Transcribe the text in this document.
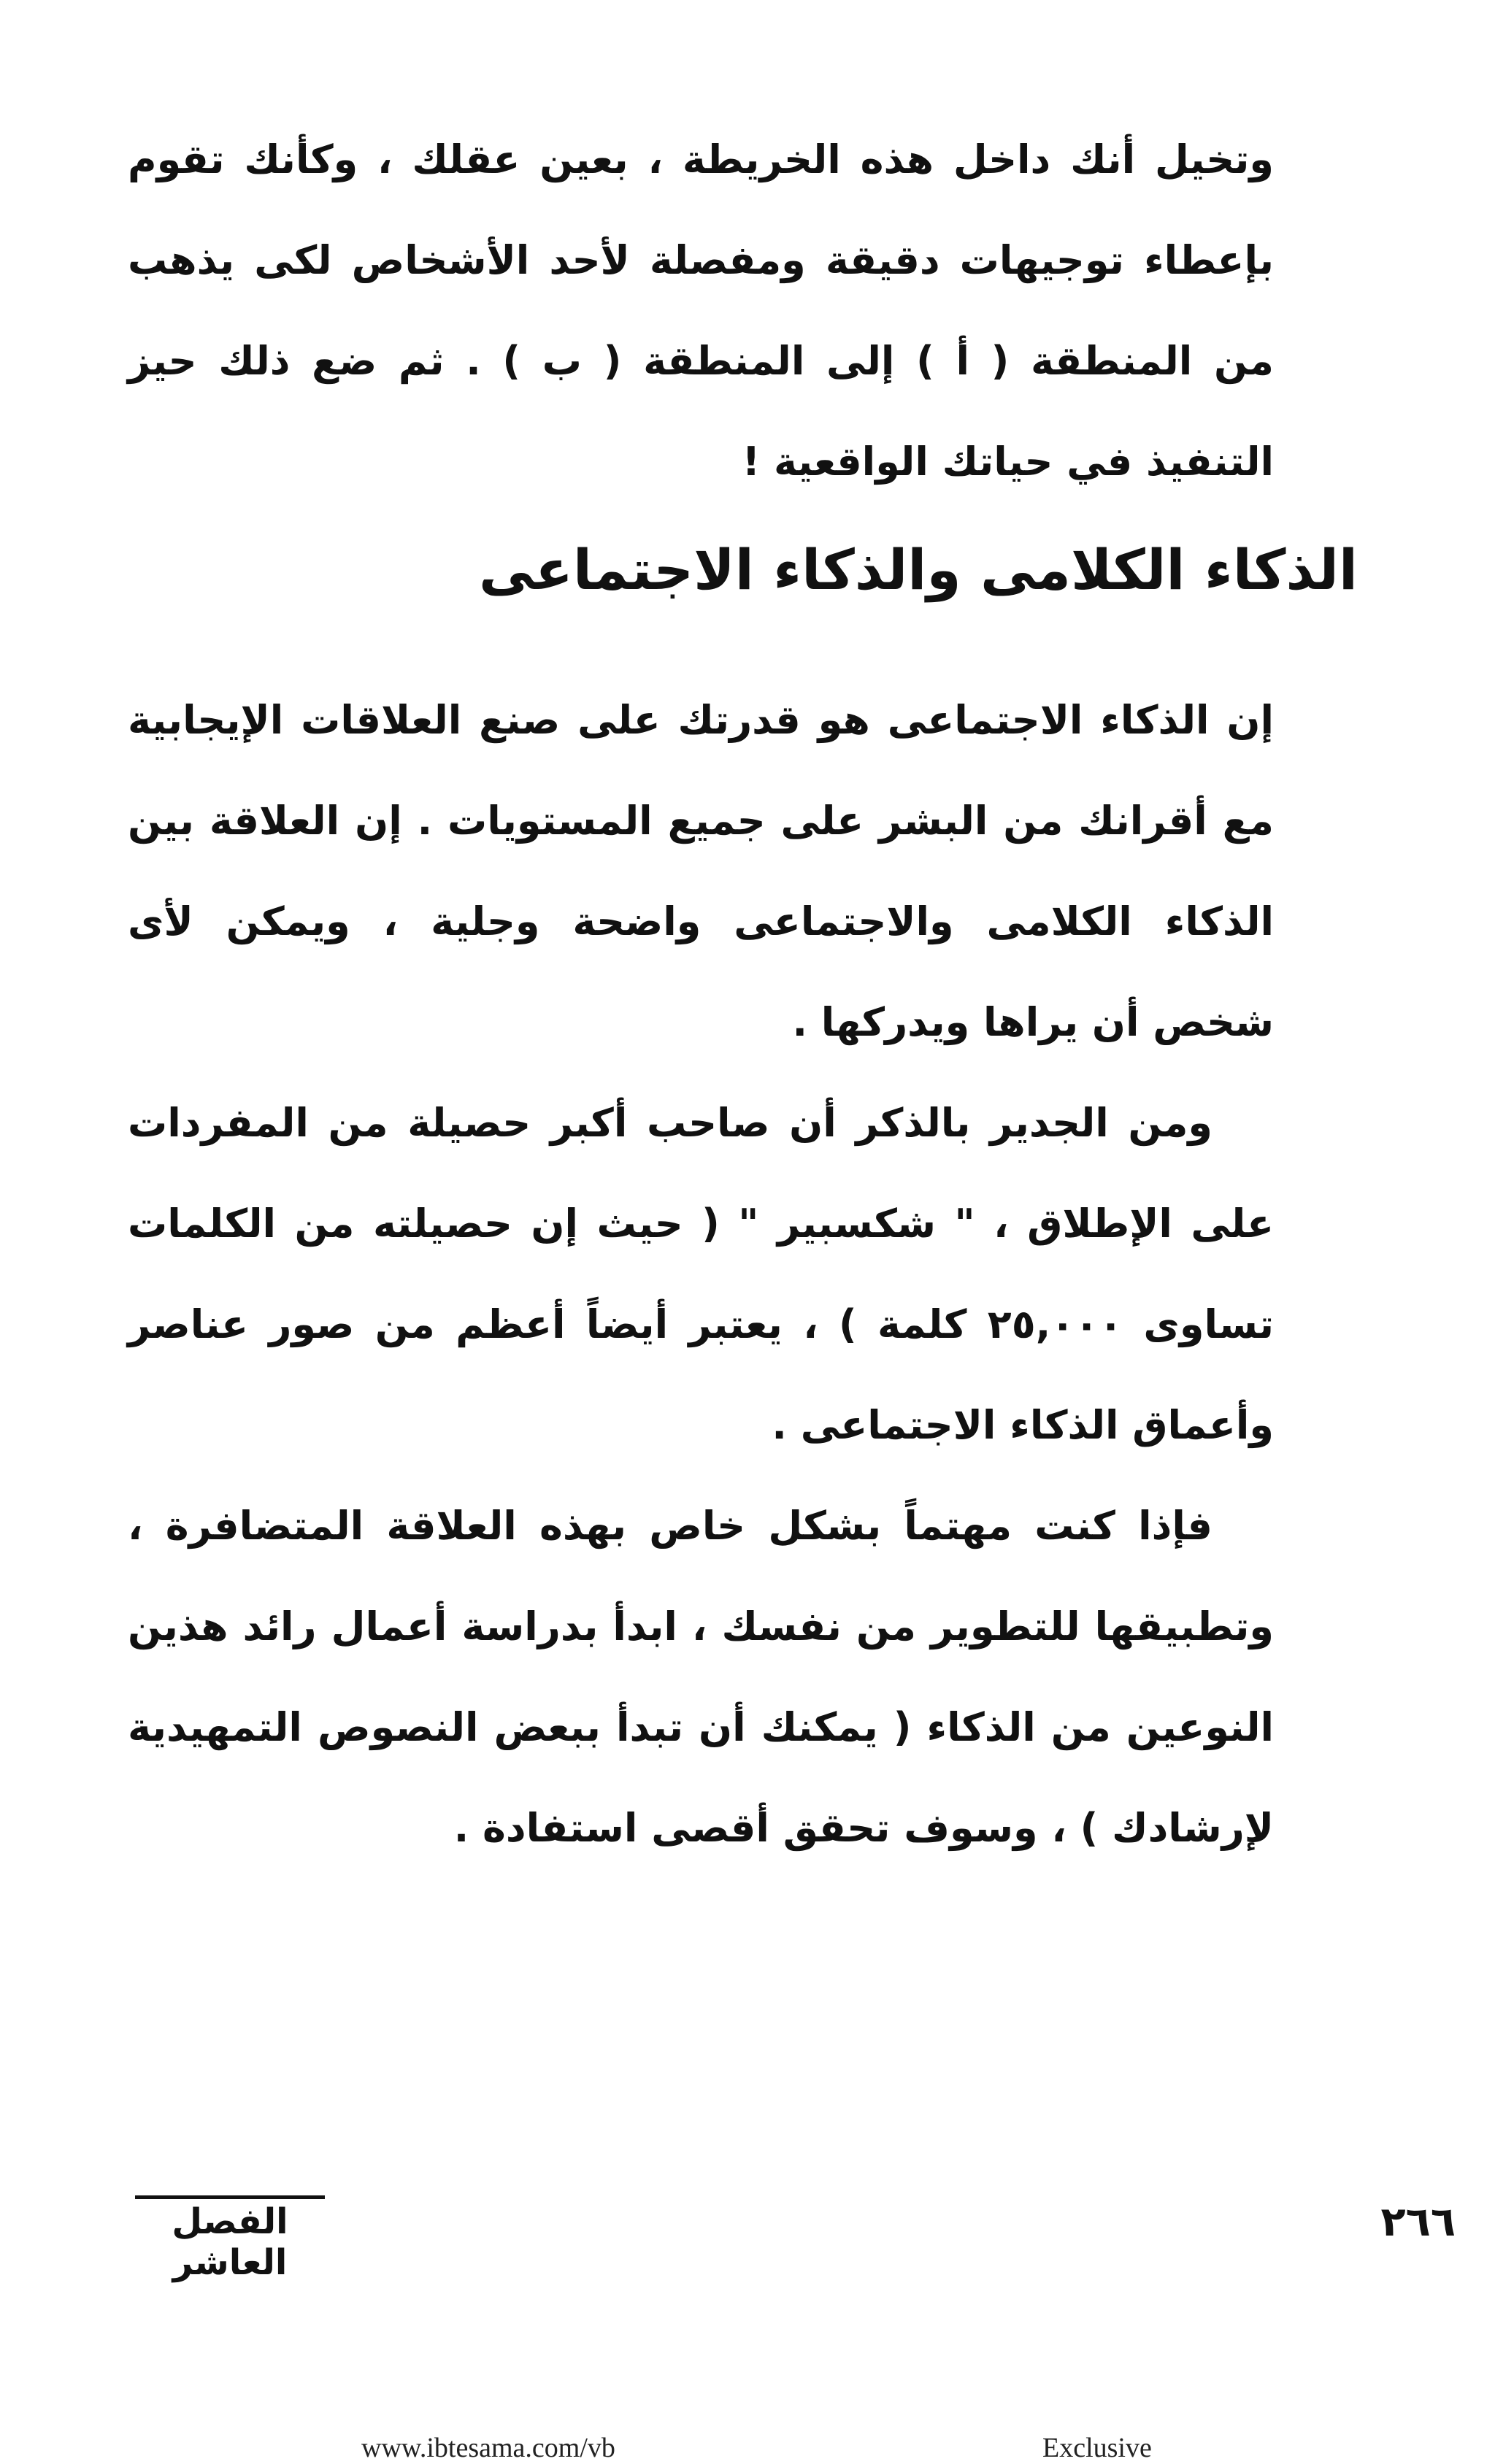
وتخيل أنك داخل هذه الخريطة ، بعين عقلك ، وكأنك تقوم بإعطاء توجيهات دقيقة ومفصلة لأحد الأشخاص لكى يذهب من المنطقة ( أ ) إلى المنطقة ( ب ) . ثم ضع ذلك حيز التنفيذ في حياتك الواقعية !
الذكاء الكلامى والذكاء الاجتماعى

إن الذكاء الاجتماعى هو قدرتك على صنع العلاقات الإيجابية مع أقرانك من البشر على جميع المستويات . إن العلاقة بين الذكاء الكلامى والاجتماعى واضحة وجلية ، ويمكن لأى شخص أن يراها ويدركها .

ومن الجدير بالذكر أن صاحب أكبر حصيلة من المفردات على الإطلاق ، " شكسبير " ( حيث إن حصيلته من الكلمات تساوى ٢٥,٠٠٠ كلمة ) ، يعتبر أيضاً أعظم من صور عناصر وأعماق الذكاء الاجتماعى .

فإذا كنت مهتماً بشكل خاص بهذه العلاقة المتضافرة ، وتطبيقها للتطوير من نفسك ، ابدأ بدراسة أعمال رائد هذين النوعين من الذكاء ( يمكنك أن تبدأ ببعض النصوص التمهيدية لإرشادك ) ، وسوف تحقق أقصى استفادة .

الفصل العاشر
٢٦٦
www.ibtesama.com/vb	Exclusive
